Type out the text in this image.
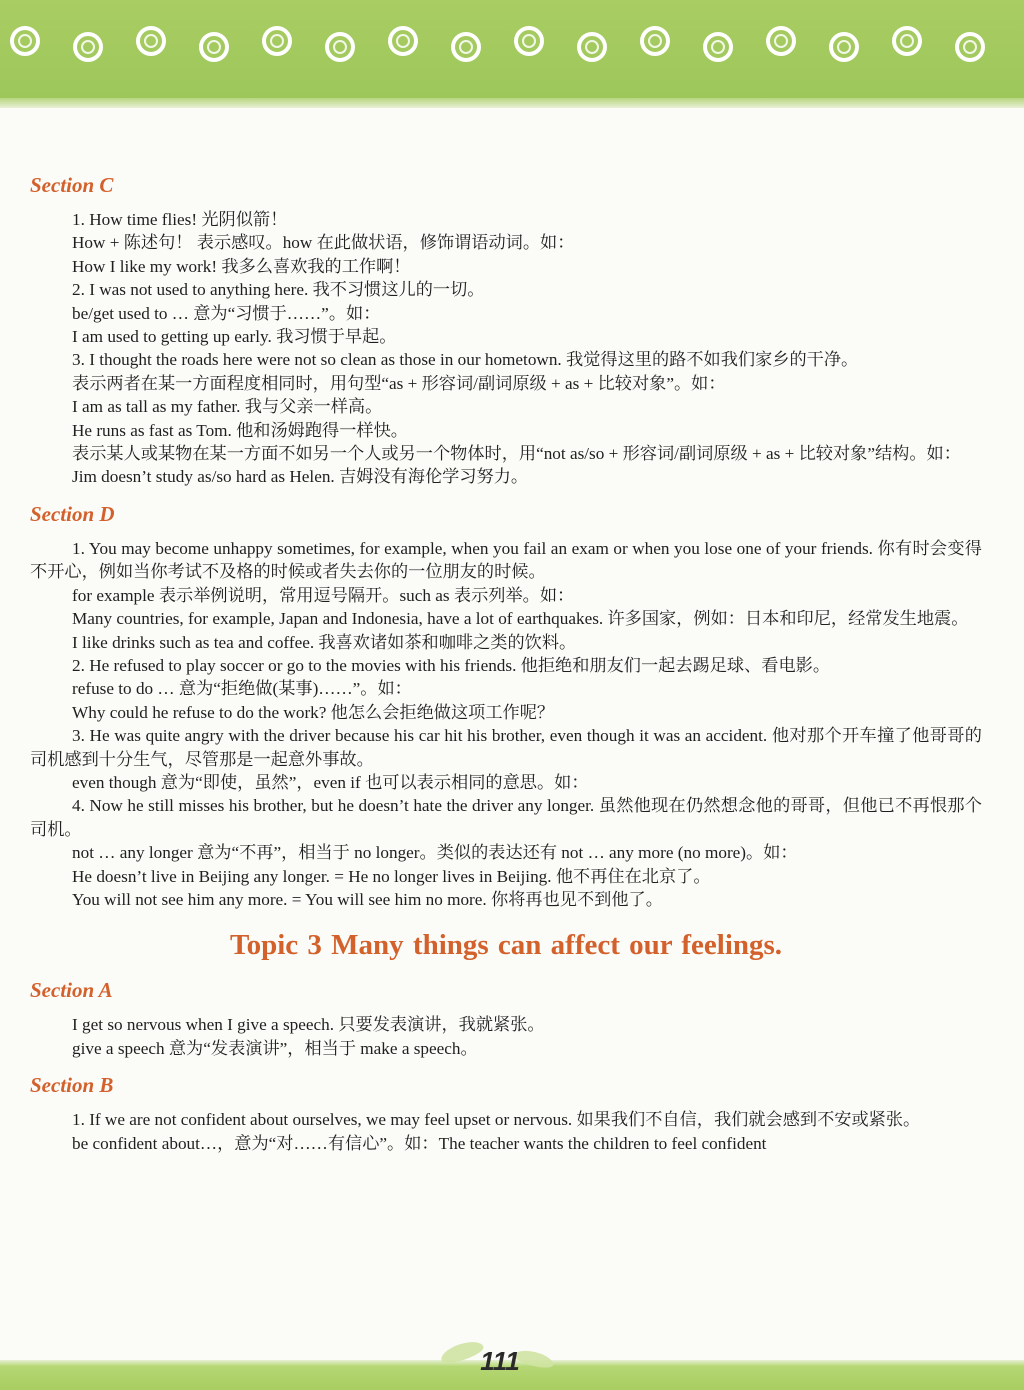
Section C

1. How time flies! 光阴似箭！

How + 陈述句！ 表示感叹。how 在此做状语，修饰谓语动词。如：

How I like my work! 我多么喜欢我的工作啊！

2. I was not used to anything here. 我不习惯这儿的一切。

be/get used to … 意为“习惯于……”。如：

I am used to getting up early. 我习惯于早起。

3. I thought the roads here were not so clean as those in our hometown. 我觉得这里的路不如我们家乡的干净。

表示两者在某一方面程度相同时，用句型“as + 形容词/副词原级 + as + 比较对象”。如：

I am as tall as my father. 我与父亲一样高。

He runs as fast as Tom. 他和汤姆跑得一样快。

表示某人或某物在某一方面不如另一个人或另一个物体时，用“not as/so + 形容词/副词原级 + as + 比较对象”结构。如：

Jim doesn’t study as/so hard as Helen. 吉姆没有海伦学习努力。

Section D

1. You may become unhappy sometimes, for example, when you fail an exam or when you lose one of your friends. 你有时会变得不开心，例如当你考试不及格的时候或者失去你的一位朋友的时候。

for example 表示举例说明，常用逗号隔开。such as 表示列举。如：

Many countries, for example, Japan and Indonesia, have a lot of earthquakes. 许多国家，例如：日本和印尼，经常发生地震。

I like drinks such as tea and coffee. 我喜欢诸如茶和咖啡之类的饮料。

2. He refused to play soccer or go to the movies with his friends. 他拒绝和朋友们一起去踢足球、看电影。

refuse to do … 意为“拒绝做(某事)……”。如：

Why could he refuse to do the work? 他怎么会拒绝做这项工作呢？

3. He was quite angry with the driver because his car hit his brother, even though it was an accident. 他对那个开车撞了他哥哥的司机感到十分生气，尽管那是一起意外事故。

even though 意为“即使，虽然”，even if 也可以表示相同的意思。如：

4. Now he still misses his brother, but he doesn’t hate the driver any longer. 虽然他现在仍然想念他的哥哥，但他已不再恨那个司机。

not … any longer 意为“不再”，相当于 no longer。类似的表达还有 not … any more (no more)。如：

He doesn’t live in Beijing any longer. = He no longer lives in Beijing. 他不再住在北京了。

You will not see him any more. = You will see him no more. 你将再也见不到他了。

Topic 3 Many things can affect our feelings.
Section A

I get so nervous when I give a speech. 只要发表演讲，我就紧张。

give a speech 意为“发表演讲”，相当于 make a speech。

Section B

1. If we are not confident about ourselves, we may feel upset or nervous. 如果我们不自信，我们就会感到不安或紧张。

be confident about…，意为“对……有信心”。如：The teacher wants the children to feel confident

111
